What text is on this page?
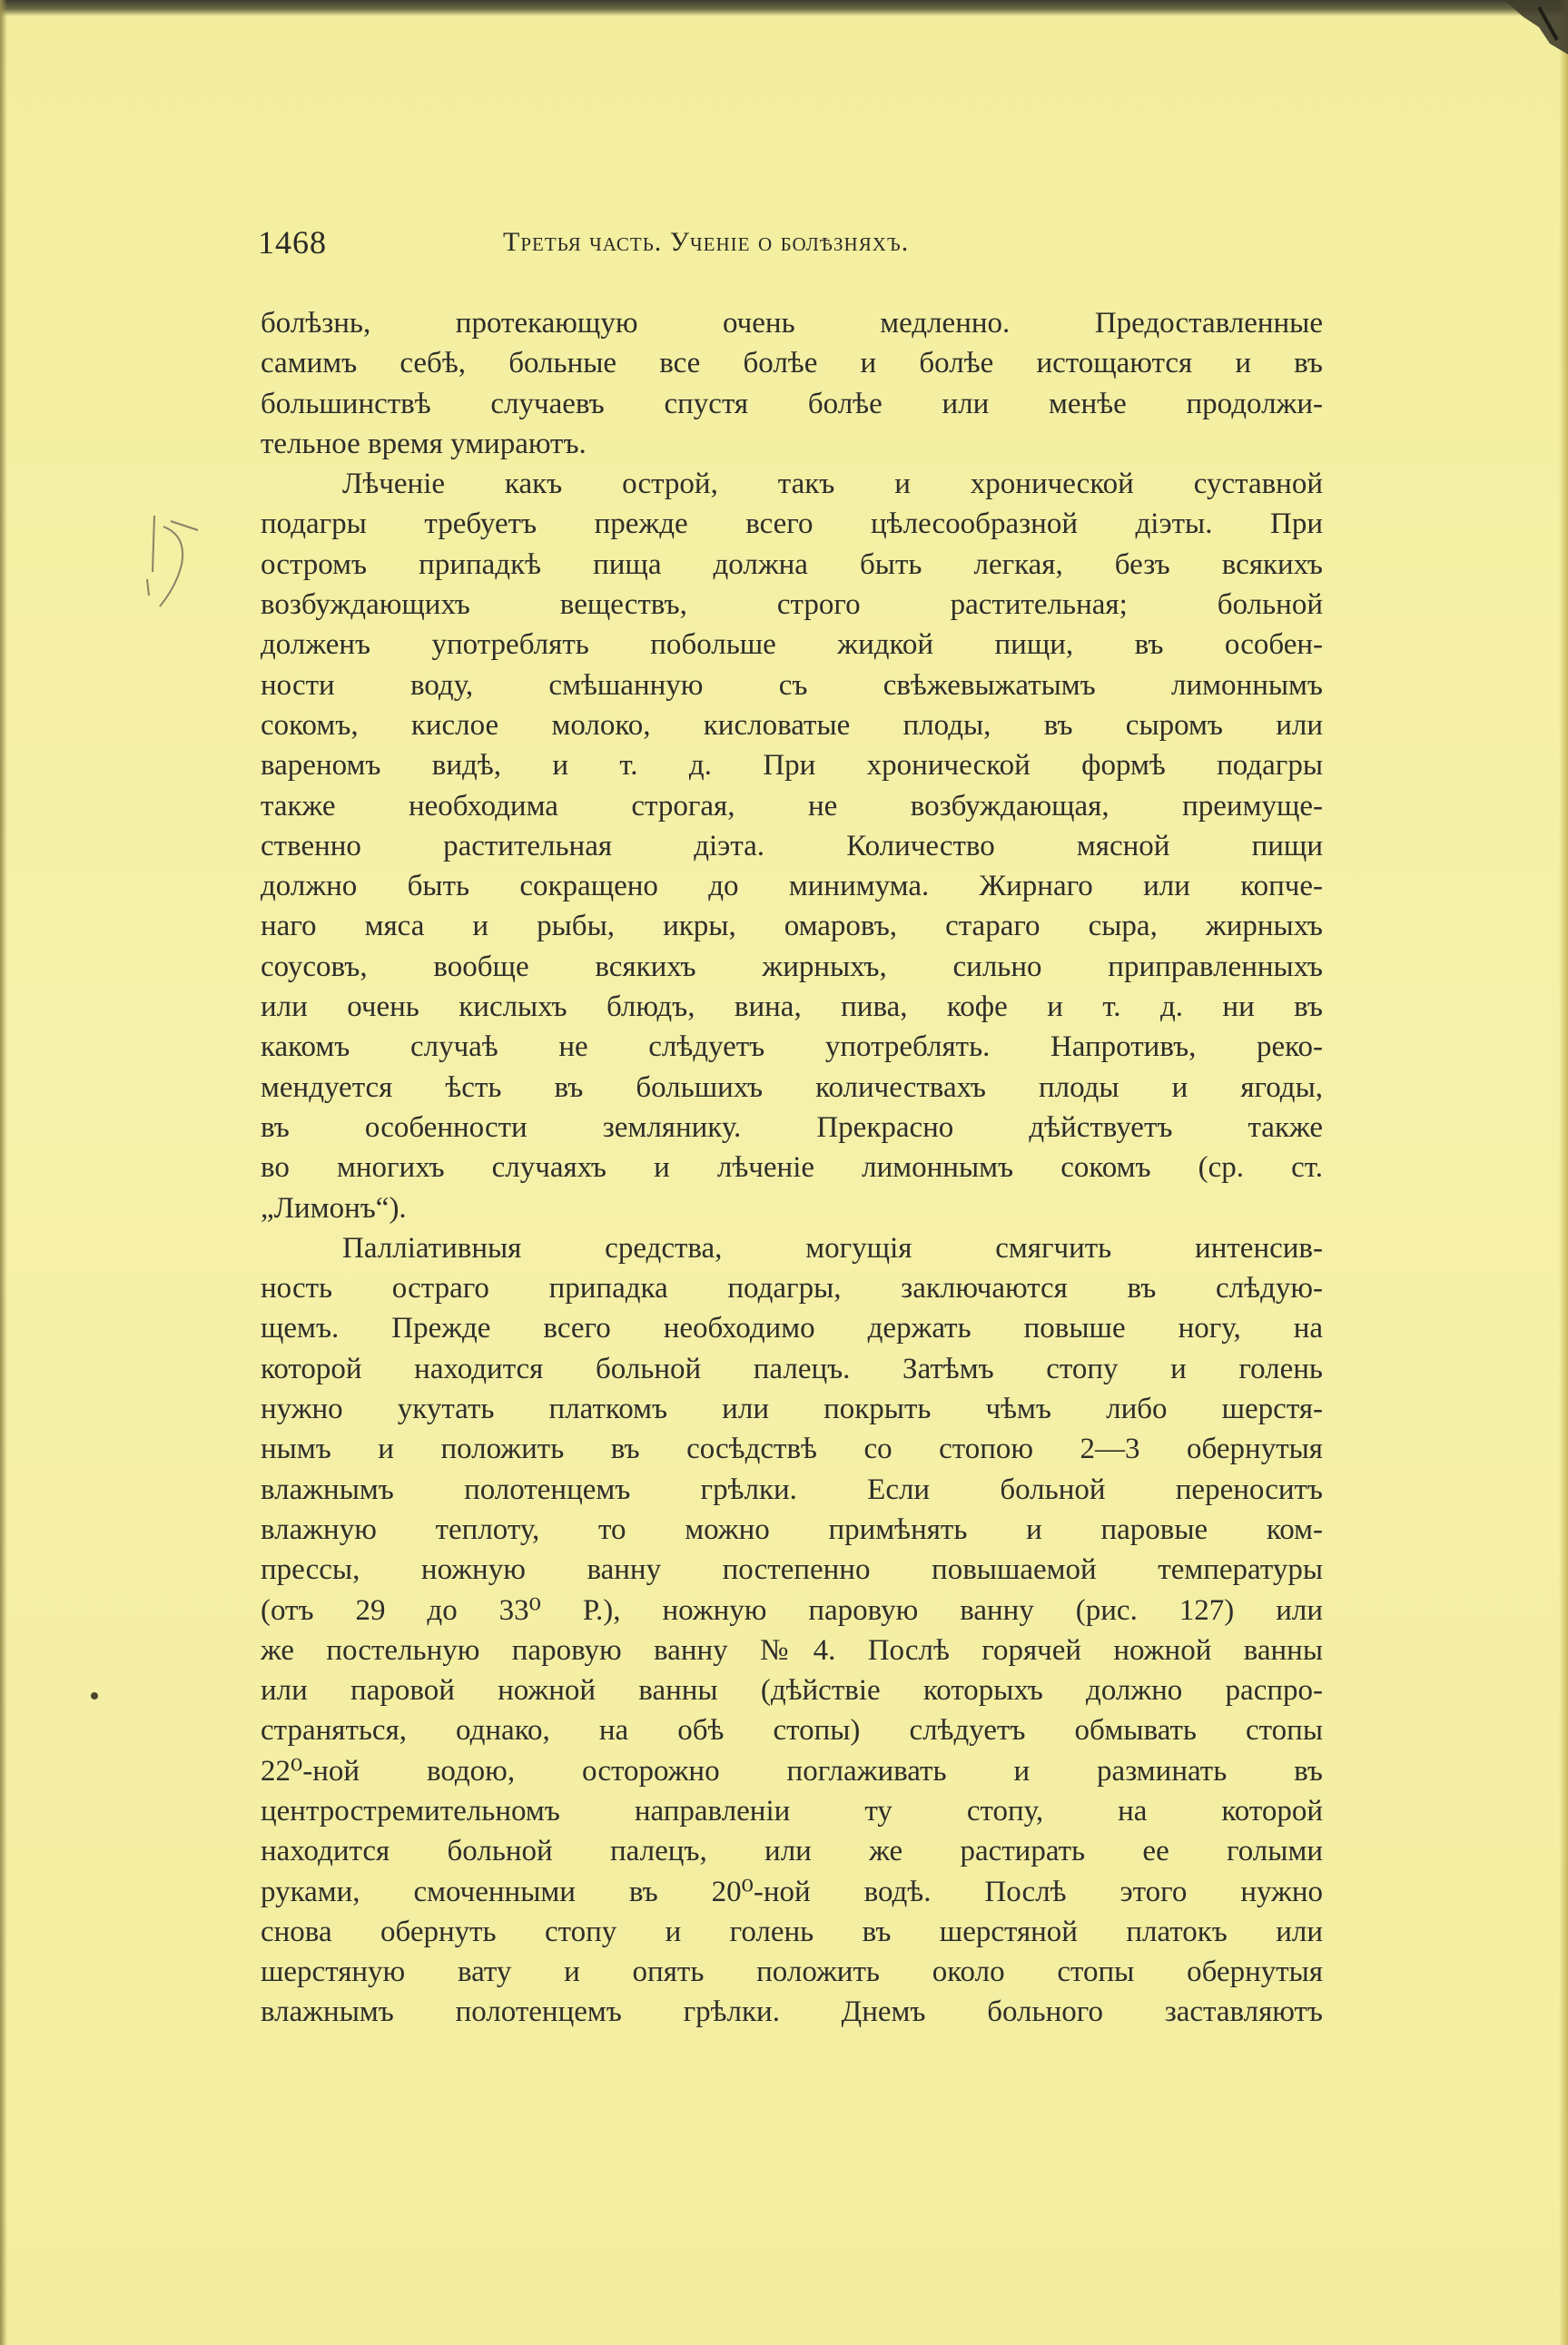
1468	Третья часть. Ученіе о болѣзняхъ.
болѣзнь, протекающую очень медленно. Предоставленные
самимъ себѣ, больные все болѣе и болѣе истощаются и въ
большинствѣ случаевъ спустя болѣе или менѣе продолжи-
тельное время умираютъ.
Лѣченіе какъ острой, такъ и хронической суставной
подагры требуетъ прежде всего цѣлесообразной діэты. При
остромъ припадкѣ пища должна быть легкая, безъ всякихъ
возбуждающихъ веществъ, строго растительная; больной
долженъ употреблять побольше жидкой пищи, въ особен-
ности воду, смѣшанную съ свѣжевыжатымъ лимоннымъ
сокомъ, кислое молоко, кисловатые плоды, въ сыромъ или
вареномъ видѣ, и т. д. При хронической формѣ подагры
также необходима строгая, не возбуждающая, преимуще-
ственно растительная діэта. Количество мясной пищи
должно быть сокращено до минимума. Жирнаго или копче-
наго мяса и рыбы, икры, омаровъ, стараго сыра, жирныхъ
соусовъ, вообще всякихъ жирныхъ, сильно приправленныхъ
или очень кислыхъ блюдъ, вина, пива, кофе и т. д. ни въ
какомъ случаѣ не слѣдуетъ употреблять. Напротивъ, реко-
мендуется ѣсть въ большихъ количествахъ плоды и ягоды,
въ особенности землянику. Прекрасно дѣйствуетъ также
во многихъ случаяхъ и лѣченіе лимоннымъ сокомъ (ср. ст.
„Лимонъ“).
Палліативныя средства, могущія смягчить интенсив-
ность остраго припадка подагры, заключаются въ слѣдую-
щемъ. Прежде всего необходимо держать повыше ногу, на
которой находится больной палецъ. Затѣмъ стопу и голень
нужно укутать платкомъ или покрыть чѣмъ либо шерстя-
нымъ и положить въ сосѣдствѣ со стопою 2—3 обернутыя
влажнымъ полотенцемъ грѣлки. Если больной переноситъ
влажную теплоту, то можно примѣнять и паровые ком-
прессы, ножную ванну постепенно повышаемой температуры
(отъ 29 до 33⁰ Р.), ножную паровую ванну (рис. 127) или
же постельную паровую ванну №4. Послѣ горячей ножной ванны
или паровой ножной ванны (дѣйствіе которыхъ должно распро-
страняться, однако, на обѣ стопы) слѣдуетъ обмывать стопы
22⁰-ной водою, осторожно поглаживать и разминать въ
центростремительномъ направленіи ту стопу, на которой
находится больной палецъ, или же растирать ее голыми
руками, смоченными въ 20⁰-ной водѣ. Послѣ этого нужно
снова обернуть стопу и голень въ шерстяной платокъ или
шерстяную вату и опять положить около стопы обернутыя
влажнымъ полотенцемъ грѣлки. Днемъ больного заставляютъ
